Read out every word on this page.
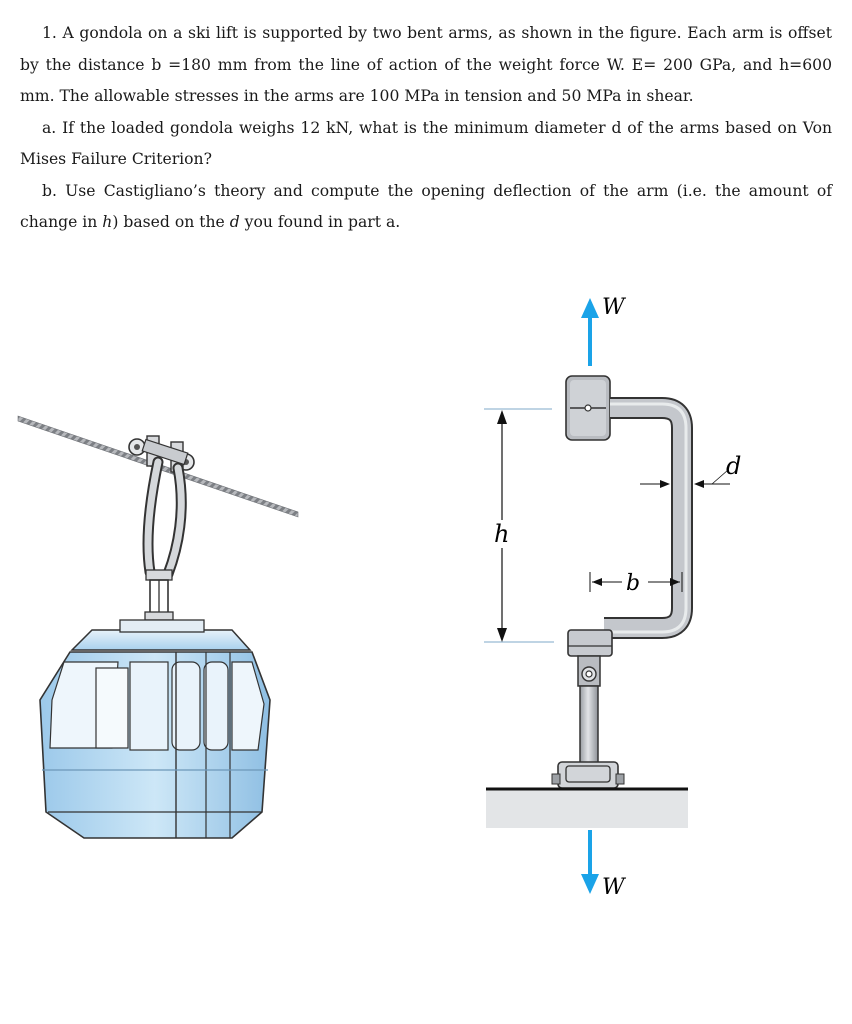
1. A gondola on a ski lift is supported by two bent arms, as shown in the figure. Each arm is offset by the distance b =180 mm from the line of action of the weight force W. E= 200 GPa, and h=600 mm. The allowable stresses in the arms are 100 MPa in tension and 50 MPa in shear.

a. If the loaded gondola weighs 12 kN, what is the minimum diameter d of the arms based on Von Mises Failure Criterion?

b. Use Castigliano’s theory and compute the opening deflection of the arm (i.e. the amount of change in h) based on the d you found in part a.

W
W
h
b
d
